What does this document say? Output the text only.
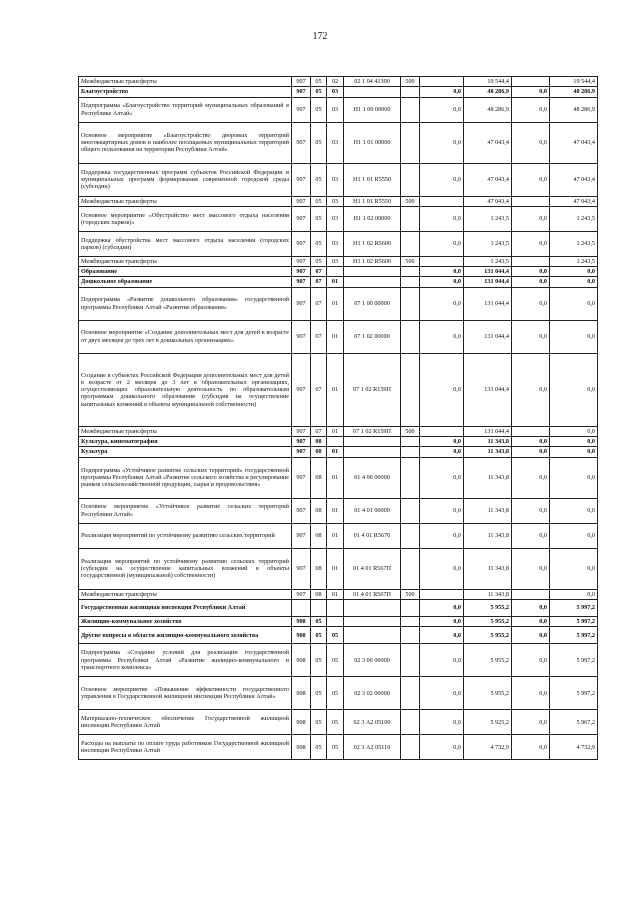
172
Межбюджетные трансферты	907	05	02	02 1 04 41300	500		19 544,4		19 544,4
Благоустройство	907	05	03			0,0	48 286,9	0,0	48 286,9
Подпрограмма «Благоустройство территорий муниципальных образований в Республике Алтай»	907	05	03	Н1 1 00 00000		0,0	48 286,9	0,0	48 286,9
Основное мероприятие «Благоустройство дворовых территорий многоквартирных домов и наиболее посещаемых муниципальных территорий общего пользования на территории Республики Алтай»	907	05	03	Н1 1 01 00000		0,0	47 043,4	0,0	47 043,4
Поддержка государственных программ субъектов Российской Федерации и муниципальных программ формирования современной городской среды (субсидии)	907	05	03	Н1 1 01 R5550		0,0	47 043,4	0,0	47 043,4
Межбюджетные трансферты	907	05	03	Н1 1 01 R5550	500		47 043,4		47 043,4
Основное мероприятие «Обустройство мест массового отдыха населения (городских парков)»	907	05	03	Н1 1 02 00000		0,0	1 243,5	0,0	1 243,5
Поддержка обустройства мест массового отдыха населения (городских парков) (субсидии)	907	05	03	Н1 1 02 R5600		0,0	1 243,5	0,0	1 243,5
Межбюджетные трансферты	907	05	03	Н1 1 02 R5600	500		1 243,5		1 243,5
Образование	907	07				0,0	131 044,4	0,0	0,0
Дошкольное образование	907	07	01			0,0	131 044,4	0,0	0,0
Подпрограмма «Развитие дошкольного образования» государственной программы Республики Алтай «Развитие образования»	907	07	01	07 1 00 00000		0,0	131 044,4	0,0	0,0
Основное мероприятие «Создание дополнительных мест для детей в возрасте от двух месяцев до трех лет в дошкольных организациях»	907	07	01	07 1 02 00000		0,0	131 044,4	0,0	0,0
Создание в субъектах Российской Федерации дополнительных мест для детей в возрасте от 2 месяцев до 3 лет в образовательных организациях, осуществляющих образовательную деятельность по образовательным программам дошкольного образования (субсидия на осуществление капитальных вложений в объекты муниципальной собственности)	907	07	01	07 1 02 R159П		0,0	131 044,4	0,0	0,0
Межбюджетные трансферты	907	07	01	07 1 02 R159П	500		131 044,4		0,0
Культура, кинематография	907	08				0,0	11 343,8	0,0	0,0
Культура	907	08	01			0,0	11 343,8	0,0	0,0
Подпрограмма «Устойчивое развитие сельских территорий» государственной программы Республики Алтай «Развитие сельского хозяйства и регулирование рынков сельскохозяйственной продукции, сырья и продовольствия»	907	08	01	01 4 00 00000		0,0	11 343,8	0,0	0,0
Основное мероприятие «Устойчивое развитие сельских территорий Республики Алтай»	907	08	01	01 4 01 00000		0,0	11 343,8	0,0	0,0
Реализация мероприятий по устойчивому развитию сельских территорий	907	08	01	01 4 01 R5670		0,0	11 343,8	0,0	0,0
Реализация мероприятий по устойчивому развитию сельских территорий (субсидии на осуществление капитальных вложений в объекты государственной (муниципальной) собственности)	907	08	01	01 4 01 R567П		0,0	11 343,8	0,0	0,0
Межбюджетные трансферты	907	08	01	01 4 01 R567П	500		11 343,8		0,0
Государственная жилищная инспекция Республики Алтай						0,0	5 955,2	0,0	5 997,2
Жилищно-коммунальное хозяйство	908	05				0,0	5 955,2	0,0	5 997,2
Другие вопросы в области жилищно-коммунального хозяйства	908	05	05			0,0	5 955,2	0,0	5 997,2
Подпрограмма «Создание условий для реализации государственной программы Республики Алтай «Развитие жилищно-коммунального и транспортного комплекса»	908	05	05	02 3 00 00000		0,0	5 955,2	0,0	5 997,2
Основное мероприятие «Повышение эффективности государственного управления в Государственной жилищной инспекции Республики Алтай»	908	05	05	02 3 02 00000		0,0	5 955,2	0,0	5 997,2
Материально-техническое обеспечение Государственной жилищной инспекции Республики Алтай	908	05	05	02 3 А2 05100		0,0	5 925,2	0,0	5 967,2
Расходы на выплаты по оплате труда работников Государственной жилищной инспекции Республики Алтай	908	05	05	02 3 А2 05110		0,0	4 732,9	0,0	4 732,9
